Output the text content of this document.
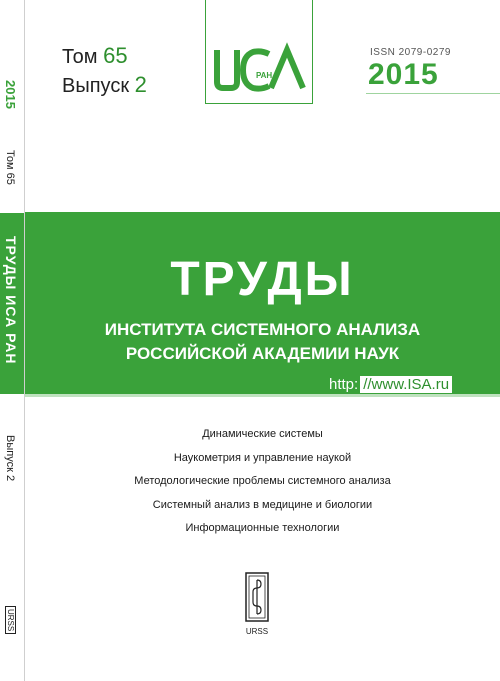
2015
Том 65
ТРУДЫ ИСА РАН
Выпуск 2
URSS
РАН
Том 65
Выпуск 2
ISSN 2079-0279
2015
ТРУДЫ
ИНСТИТУТА СИСТЕМНОГО АНАЛИЗА
РОССИЙСКОЙ АКАДЕМИИ НАУК
http: //www.ISA.ru
Динамические системы
Наукометрия и управление наукой
Методологические проблемы системного анализа
Системный анализ в медицине и биологии
Информационные технологии
URSS
